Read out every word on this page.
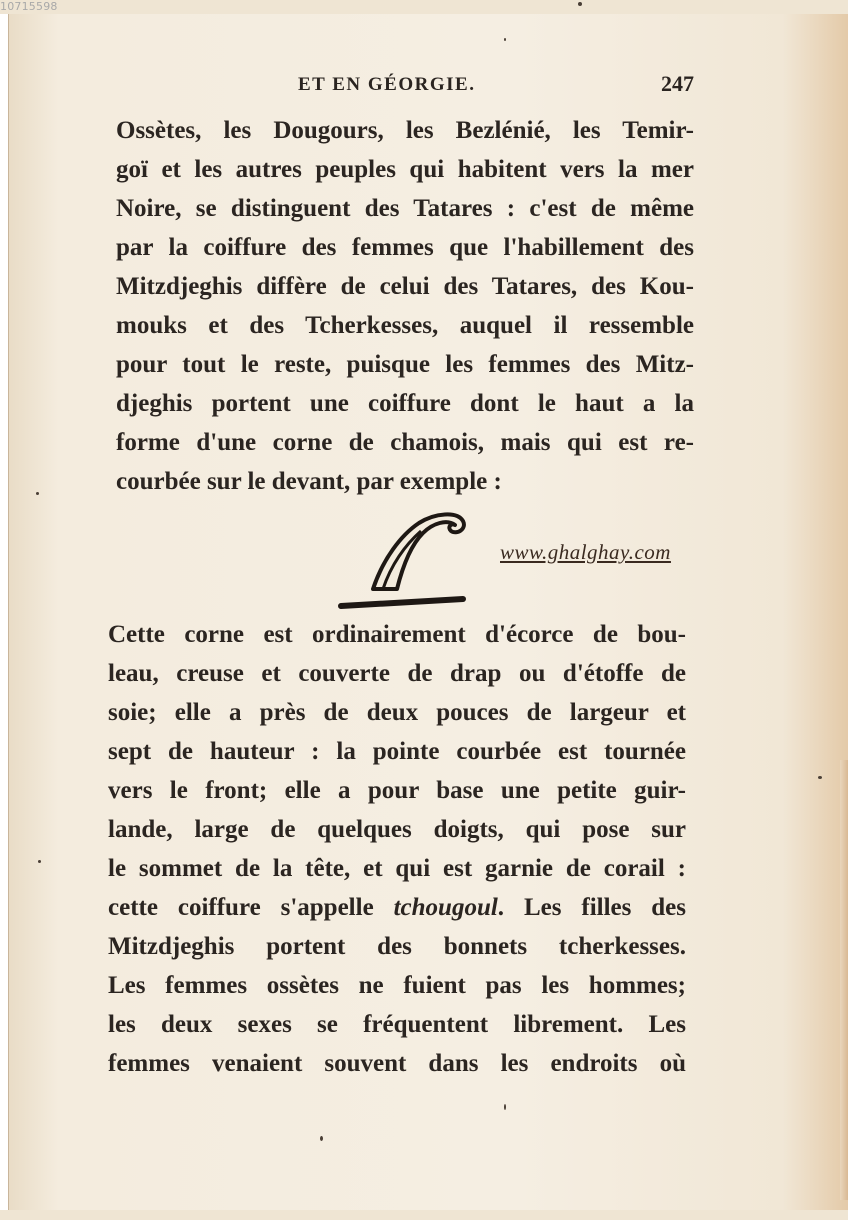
10715598
ET EN GÉORGIE.	247
Ossètes, les Dougours, les Bezlénié, les Temir-
goï et les autres peuples qui habitent vers la mer
Noire, se distinguent des Tatares : c'est de même
par la coiffure des femmes que l'habillement des
Mitzdjeghis diffère de celui des Tatares, des Kou-
mouks et des Tcherkesses, auquel il ressemble
pour tout le reste, puisque les femmes des Mitz-
djeghis portent une coiffure dont le haut a la
forme d'une corne de chamois, mais qui est re-
courbée sur le devant, par exemple :
www.ghalghay.com
Cette corne est ordinairement d'écorce de bou-
leau, creuse et couverte de drap ou d'étoffe de
soie; elle a près de deux pouces de largeur et
sept de hauteur : la pointe courbée est tournée
vers le front; elle a pour base une petite guir-
lande, large de quelques doigts, qui pose sur
le sommet de la tête, et qui est garnie de corail :
cette coiffure s'appelle tchougoul. Les filles des
Mitzdjeghis portent des bonnets tcherkesses.
Les femmes ossètes ne fuient pas les hommes;
les deux sexes se fréquentent librement. Les
femmes venaient souvent dans les endroits où
